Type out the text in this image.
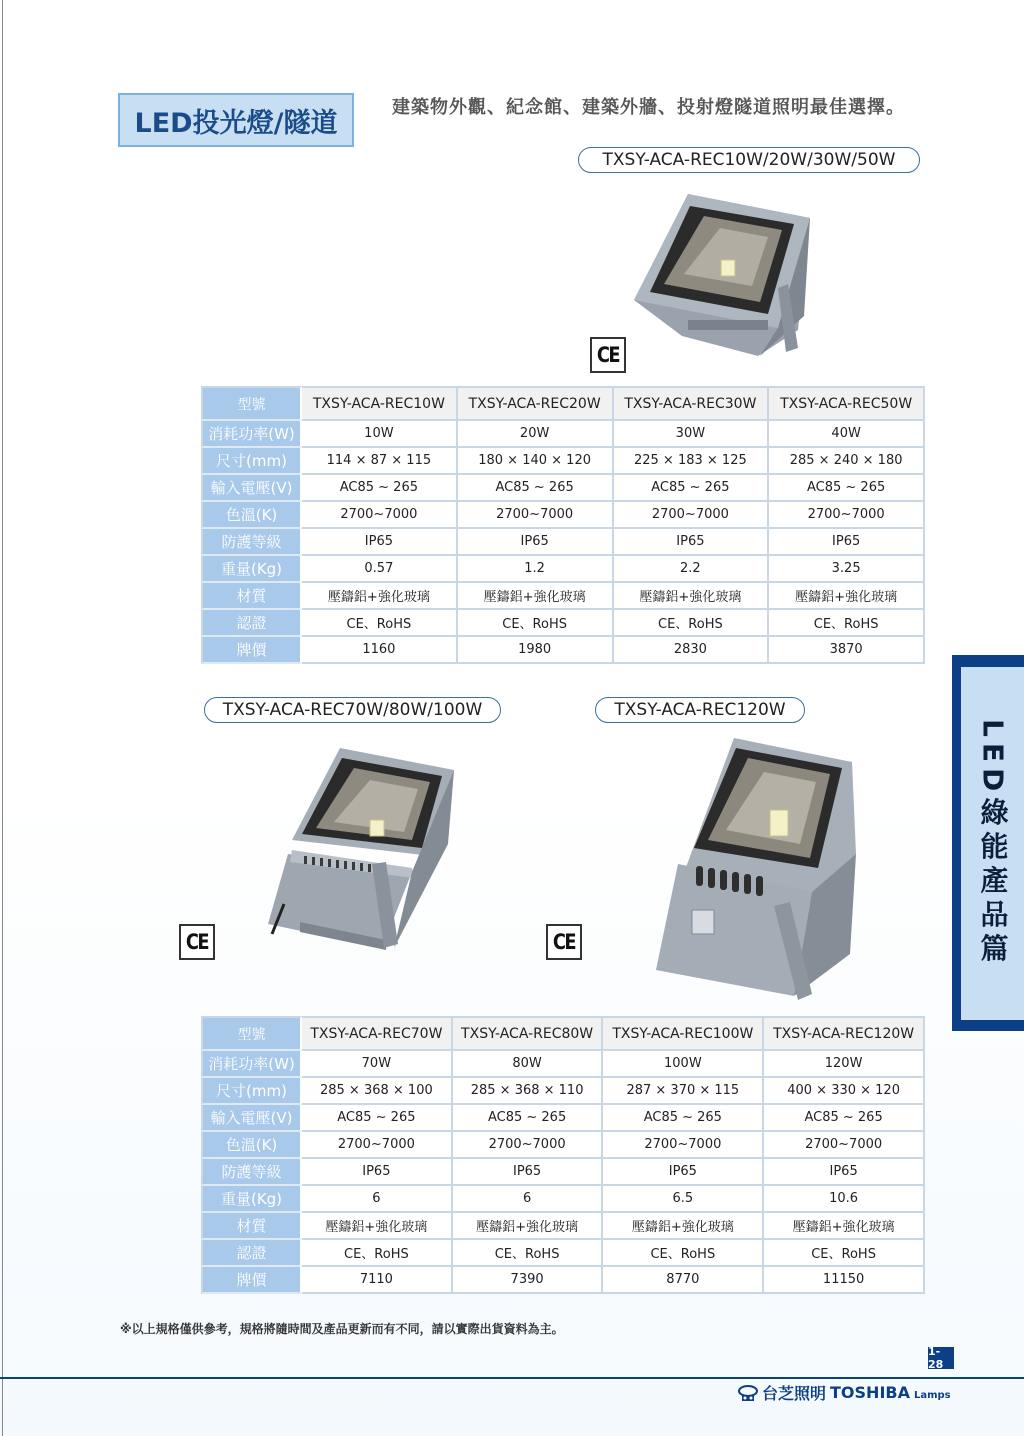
LED投光燈/隧道	建築物外觀、紀念館、建築外牆、投射燈隧道照明最佳選擇。
TXSY-ACA-REC10W/20W/30W/50W
CE
型號	TXSY-ACA-REC10W	TXSY-ACA-REC20W	TXSY-ACA-REC30W	TXSY-ACA-REC50W
消耗功率(W)	10W	20W	30W	40W
尺寸(mm)	114 × 87 × 115	180 × 140 × 120	225 × 183 × 125	285 × 240 × 180
輸入電壓(V)	AC85 ~ 265	AC85 ~ 265	AC85 ~ 265	AC85 ~ 265
色溫(K)	2700~7000	2700~7000	2700~7000	2700~7000
防護等級	IP65	IP65	IP65	IP65
重量(Kg)	0.57	1.2	2.2	3.25
材質	壓鑄鋁+強化玻璃	壓鑄鋁+強化玻璃	壓鑄鋁+強化玻璃	壓鑄鋁+強化玻璃
認證	CE、RoHS	CE、RoHS	CE、RoHS	CE、RoHS
牌價	1160	1980	2830	3870
TXSY-ACA-REC70W/80W/100W	TXSY-ACA-REC120W
CE	CE
型號	TXSY-ACA-REC70W	TXSY-ACA-REC80W	TXSY-ACA-REC100W	TXSY-ACA-REC120W
消耗功率(W)	70W	80W	100W	120W
尺寸(mm)	285 × 368 × 100	285 × 368 × 110	287 × 370 × 115	400 × 330 × 120
輸入電壓(V)	AC85 ~ 265	AC85 ~ 265	AC85 ~ 265	AC85 ~ 265
色溫(K)	2700~7000	2700~7000	2700~7000	2700~7000
防護等級	IP65	IP65	IP65	IP65
重量(Kg)	6	6	6.5	10.6
材質	壓鑄鋁+強化玻璃	壓鑄鋁+強化玻璃	壓鑄鋁+強化玻璃	壓鑄鋁+強化玻璃
認證	CE、RoHS	CE、RoHS	CE、RoHS	CE、RoHS
牌價	7110	7390	8770	11150
LED綠能產品篇
※以上規格僅供參考，規格將隨時間及產品更新而有不同，請以實際出貨資料為主。
1-28
台芝照明 TOSHIBA Lamps
